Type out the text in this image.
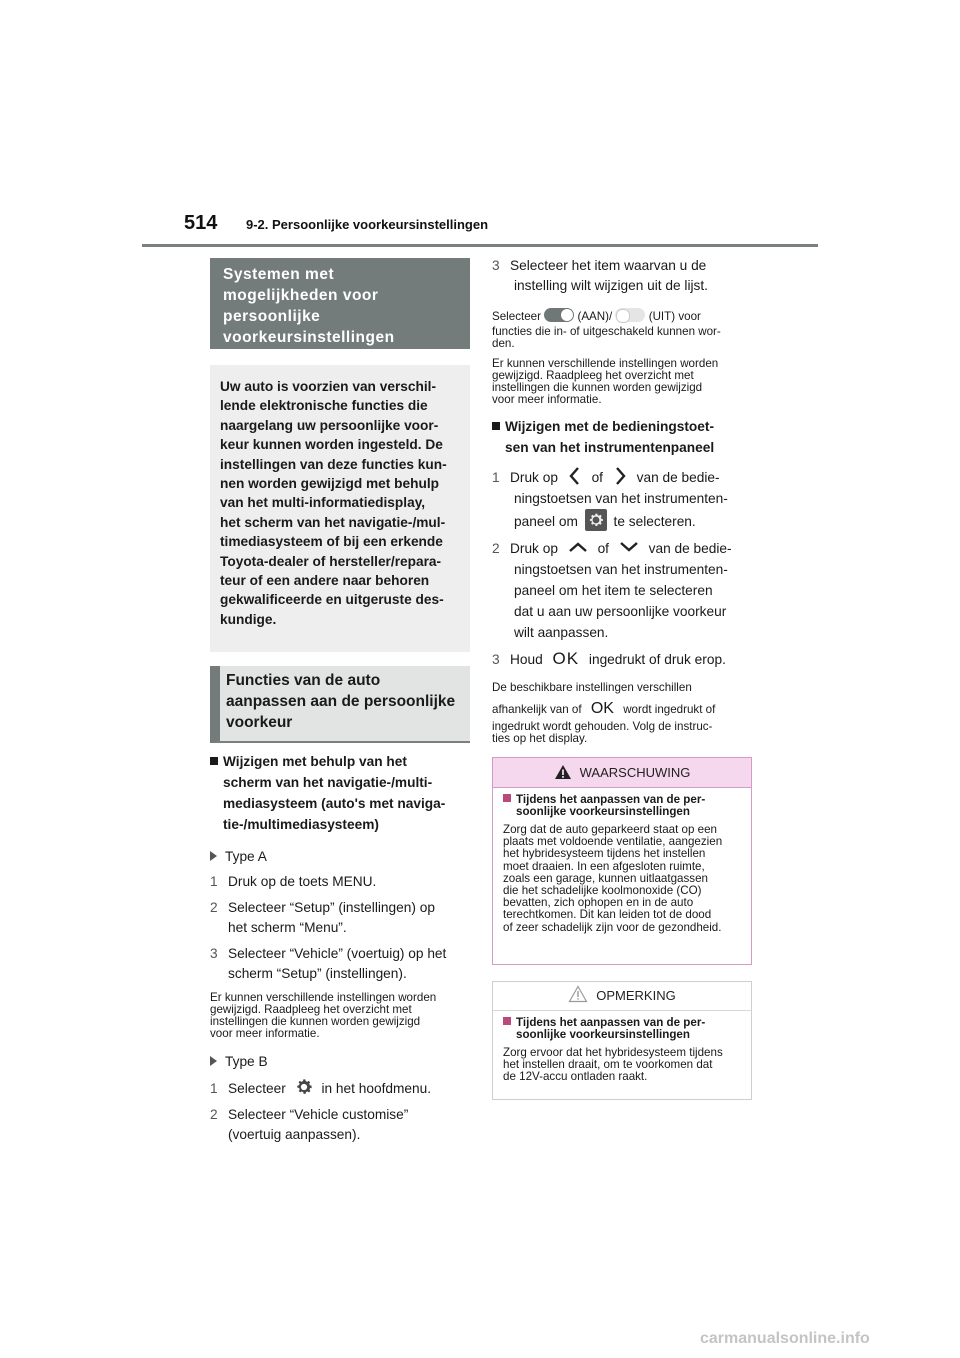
514 9-2. Persoonlijke voorkeursinstellingen
Systemen met
mogelijkheden voor
persoonlijke
voorkeursinstellingen
Uw auto is voorzien van verschil-
lende elektronische functies die
naargelang uw persoonlijke voor-
keur kunnen worden ingesteld. De
instellingen van deze functies kun-
nen worden gewijzigd met behulp
van het multi-informatiedisplay,
het scherm van het navigatie-/mul-
timediasysteem of bij een erkende
Toyota-dealer of hersteller/repara-
teur of een andere naar behoren
gekwalificeerde en uitgeruste des-
kundige.
Functies van de auto
aanpassen aan de persoonlijke
voorkeur
Wijzigen met behulp van het
scherm van het navigatie-/multi-
mediasysteem (auto's met naviga-
tie-/multimediasysteem)
Type A
1 Druk op de toets MENU.
2 Selecteer “Setup” (instellingen) op
het scherm “Menu”.
3 Selecteer “Vehicle” (voertuig) op het
scherm “Setup” (instellingen).
Er kunnen verschillende instellingen worden
gewijzigd. Raadpleeg het overzicht met
instellingen die kunnen worden gewijzigd
voor meer informatie.
Type B
1 Selecteer	in het hoofdmenu.
2 Selecteer “Vehicle customise”
(voertuig aanpassen).
3 Selecteer het item waarvan u de
instelling wilt wijzigen uit de lijst.
Selecteer	(AAN)/	(UIT) voor
functies die in- of uitgeschakeld kunnen wor-
den.
Er kunnen verschillende instellingen worden
gewijzigd. Raadpleeg het overzicht met
instellingen die kunnen worden gewijzigd
voor meer informatie.
Wijzigen met de bedieningstoet-
sen van het instrumentenpaneel
1 Druk op of van de bedie-
ningstoetsen van het instrumenten-
paneel om	te selecteren.
2 Druk op	of	van de bedie-
ningstoetsen van het instrumenten-
paneel om het item te selecteren
dat u aan uw persoonlijke voorkeur
wilt aanpassen.
3 Houd OK ingedrukt of druk erop.
De beschikbare instellingen verschillen
afhankelijk van of OK wordt ingedrukt of
ingedrukt wordt gehouden. Volg de instruc-
ties op het display.
WAARSCHUWING
Tijdens het aanpassen van de per-
soonlijke voorkeursinstellingen
Zorg dat de auto geparkeerd staat op een
plaats met voldoende ventilatie, aangezien
het hybridesysteem tijdens het instellen
moet draaien. In een afgesloten ruimte,
zoals een garage, kunnen uitlaatgassen
die het schadelijke koolmonoxide (CO)
bevatten, zich ophopen en in de auto
terechtkomen. Dit kan leiden tot de dood
of zeer schadelijk zijn voor de gezondheid.
OPMERKING
Tijdens het aanpassen van de per-
soonlijke voorkeursinstellingen
Zorg ervoor dat het hybridesysteem tijdens
het instellen draait, om te voorkomen dat
de 12V-accu ontladen raakt.
carmanualsonline.info
